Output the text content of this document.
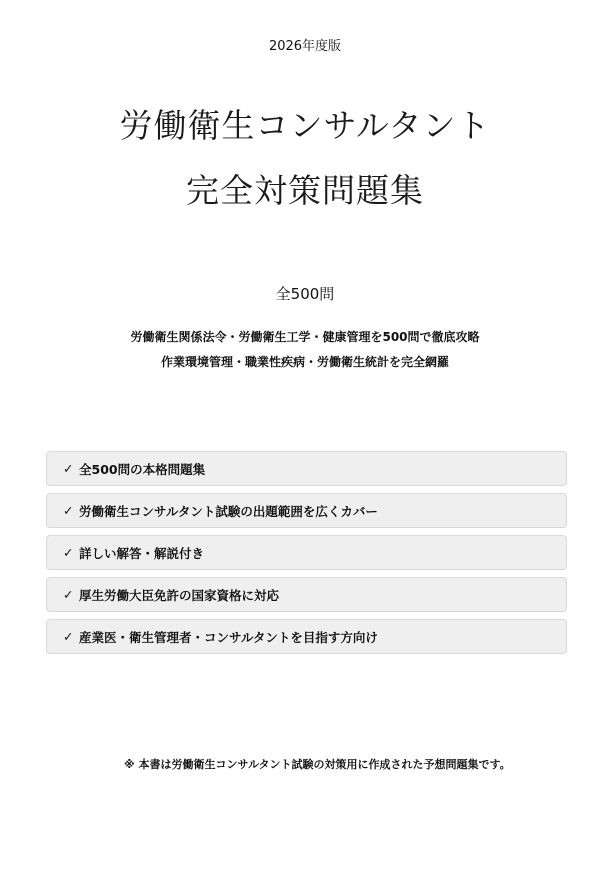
2026年度版
労働衛生コンサルタント
完全対策問題集
全500問
労働衛生関係法令・労働衛生工学・健康管理を500問で徹底攻略
作業環境管理・職業性疾病・労働衛生統計を完全網羅
✓ 全500問の本格問題集
✓ 労働衛生コンサルタント試験の出題範囲を広くカバー
✓ 詳しい解答・解説付き
✓ 厚生労働大臣免許の国家資格に対応
✓ 産業医・衛生管理者・コンサルタントを目指す方向け
※ 本書は労働衛生コンサルタント試験の対策用に作成された予想問題集です。
